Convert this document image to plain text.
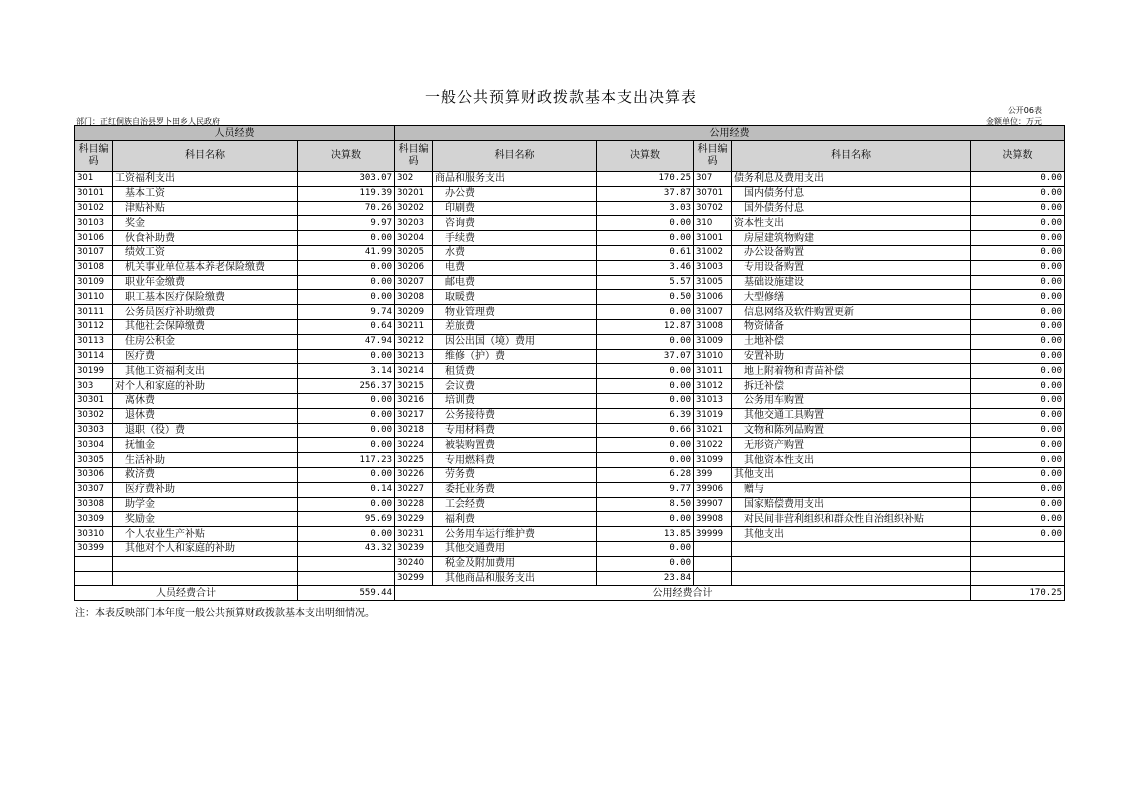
一般公共预算财政拨款基本支出决算表
公开06表
部门：正红侗族自治县罗卜田乡人民政府	金额单位：万元
人员经费			公用经费					
科目编码	科目名称	决算数	科目编码	科目名称	决算数	科目编码	科目名称	决算数
301	工资福利支出	303.07	302	商品和服务支出	170.25	307	债务利息及费用支出	0.00
30101	基本工资	119.39	30201	办公费	37.87	30701	国内债务付息	0.00
30102	津贴补贴	70.26	30202	印刷费	3.03	30702	国外债务付息	0.00
30103	奖金	9.97	30203	咨询费	0.00	310	资本性支出	0.00
30106	伙食补助费	0.00	30204	手续费	0.00	31001	房屋建筑物购建	0.00
30107	绩效工资	41.99	30205	水费	0.61	31002	办公设备购置	0.00
30108	机关事业单位基本养老保险缴费	0.00	30206	电费	3.46	31003	专用设备购置	0.00
30109	职业年金缴费	0.00	30207	邮电费	5.57	31005	基础设施建设	0.00
30110	职工基本医疗保险缴费	0.00	30208	取暖费	0.50	31006	大型修缮	0.00
30111	公务员医疗补助缴费	9.74	30209	物业管理费	0.00	31007	信息网络及软件购置更新	0.00
30112	其他社会保障缴费	0.64	30211	差旅费	12.87	31008	物资储备	0.00
30113	住房公积金	47.94	30212	因公出国（境）费用	0.00	31009	土地补偿	0.00
30114	医疗费	0.00	30213	维修（护）费	37.07	31010	安置补助	0.00
30199	其他工资福利支出	3.14	30214	租赁费	0.00	31011	地上附着物和青苗补偿	0.00
303	对个人和家庭的补助	256.37	30215	会议费	0.00	31012	拆迁补偿	0.00
30301	离休费	0.00	30216	培训费	0.00	31013	公务用车购置	0.00
30302	退休费	0.00	30217	公务接待费	6.39	31019	其他交通工具购置	0.00
30303	退职（役）费	0.00	30218	专用材料费	0.66	31021	文物和陈列品购置	0.00
30304	抚恤金	0.00	30224	被装购置费	0.00	31022	无形资产购置	0.00
30305	生活补助	117.23	30225	专用燃料费	0.00	31099	其他资本性支出	0.00
30306	救济费	0.00	30226	劳务费	6.28	399	其他支出	0.00
30307	医疗费补助	0.14	30227	委托业务费	9.77	39906	赠与	0.00
30308	助学金	0.00	30228	工会经费	8.50	39907	国家赔偿费用支出	0.00
30309	奖励金	95.69	30229	福利费	0.00	39908	对民间非营利组织和群众性自治组织补贴	0.00
30310	个人农业生产补贴	0.00	30231	公务用车运行维护费	13.85	39999	其他支出	0.00
30399	其他对个人和家庭的补助	43.32	30239	其他交通费用	0.00			
			30240	税金及附加费用	0.00			
			30299	其他商品和服务支出	23.84			
人员经费合计		559.44	公用经费合计					170.25
注：本表反映部门本年度一般公共预算财政拨款基本支出明细情况。
